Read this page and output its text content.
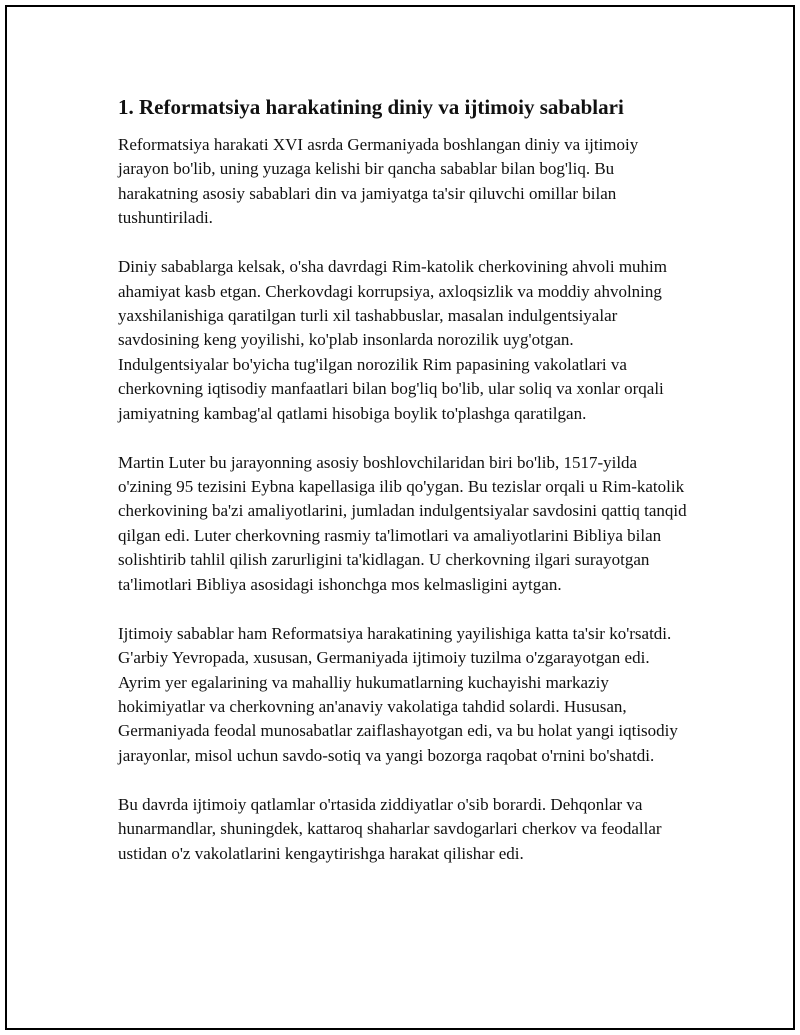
1. Reformatsiya harakatining diniy va ijtimoiy sabablari

Reformatsiya harakati XVI asrda Germaniyada boshlangan diniy va ijtimoiy jarayon bo'lib, uning yuzaga kelishi bir qancha sabablar bilan bog'liq. Bu harakatning asosiy sabablari din va jamiyatga ta'sir qiluvchi omillar bilan tushuntiriladi.

Diniy sabablarga kelsak, o'sha davrdagi Rim-katolik cherkovining ahvoli muhim ahamiyat kasb etgan. Cherkovdagi korrupsiya, axloqsizlik va moddiy ahvolning yaxshilanishiga qaratilgan turli xil tashabbuslar, masalan indulgentsiyalar savdosining keng yoyilishi, ko'plab insonlarda norozilik uyg'otgan. Indulgentsiyalar bo'yicha tug'ilgan norozilik Rim papasining vakolatlari va cherkovning iqtisodiy manfaatlari bilan bog'liq bo'lib, ular soliq va xonlar orqali jamiyatning kambag'al qatlami hisobiga boylik to'plashga qaratilgan.

Martin Luter bu jarayonning asosiy boshlovchilaridan biri bo'lib, 1517-yilda o'zining 95 tezisini Eybna kapellasiga ilib qo'ygan. Bu tezislar orqali u Rim-katolik cherkovining ba'zi amaliyotlarini, jumladan indulgentsiyalar savdosini qattiq tanqid qilgan edi. Luter cherkovning rasmiy ta'limotlari va amaliyotlarini Bibliya bilan solishtirib tahlil qilish zarurligini ta'kidlagan. U cherkovning ilgari surayotgan ta'limotlari Bibliya asosidagi ishonchga mos kelmasligini aytgan.

Ijtimoiy sabablar ham Reformatsiya harakatining yayilishiga katta ta'sir ko'rsatdi. G'arbiy Yevropada, xususan, Germaniyada ijtimoiy tuzilma o'zgarayotgan edi. Ayrim yer egalarining va mahalliy hukumatlarning kuchayishi markaziy hokimiyatlar va cherkovning an'anaviy vakolatiga tahdid solardi. Hususan, Germaniyada feodal munosabatlar zaiflashayotgan edi, va bu holat yangi iqtisodiy jarayonlar, misol uchun savdo-sotiq va yangi bozorga raqobat o'rnini bo'shatdi.

Bu davrda ijtimoiy qatlamlar o'rtasida ziddiyatlar o'sib borardi. Dehqonlar va hunarmandlar, shuningdek, kattaroq shaharlar savdogarlari cherkov va feodallar ustidan o'z vakolatlarini kengaytirishga harakat qilishar edi.
